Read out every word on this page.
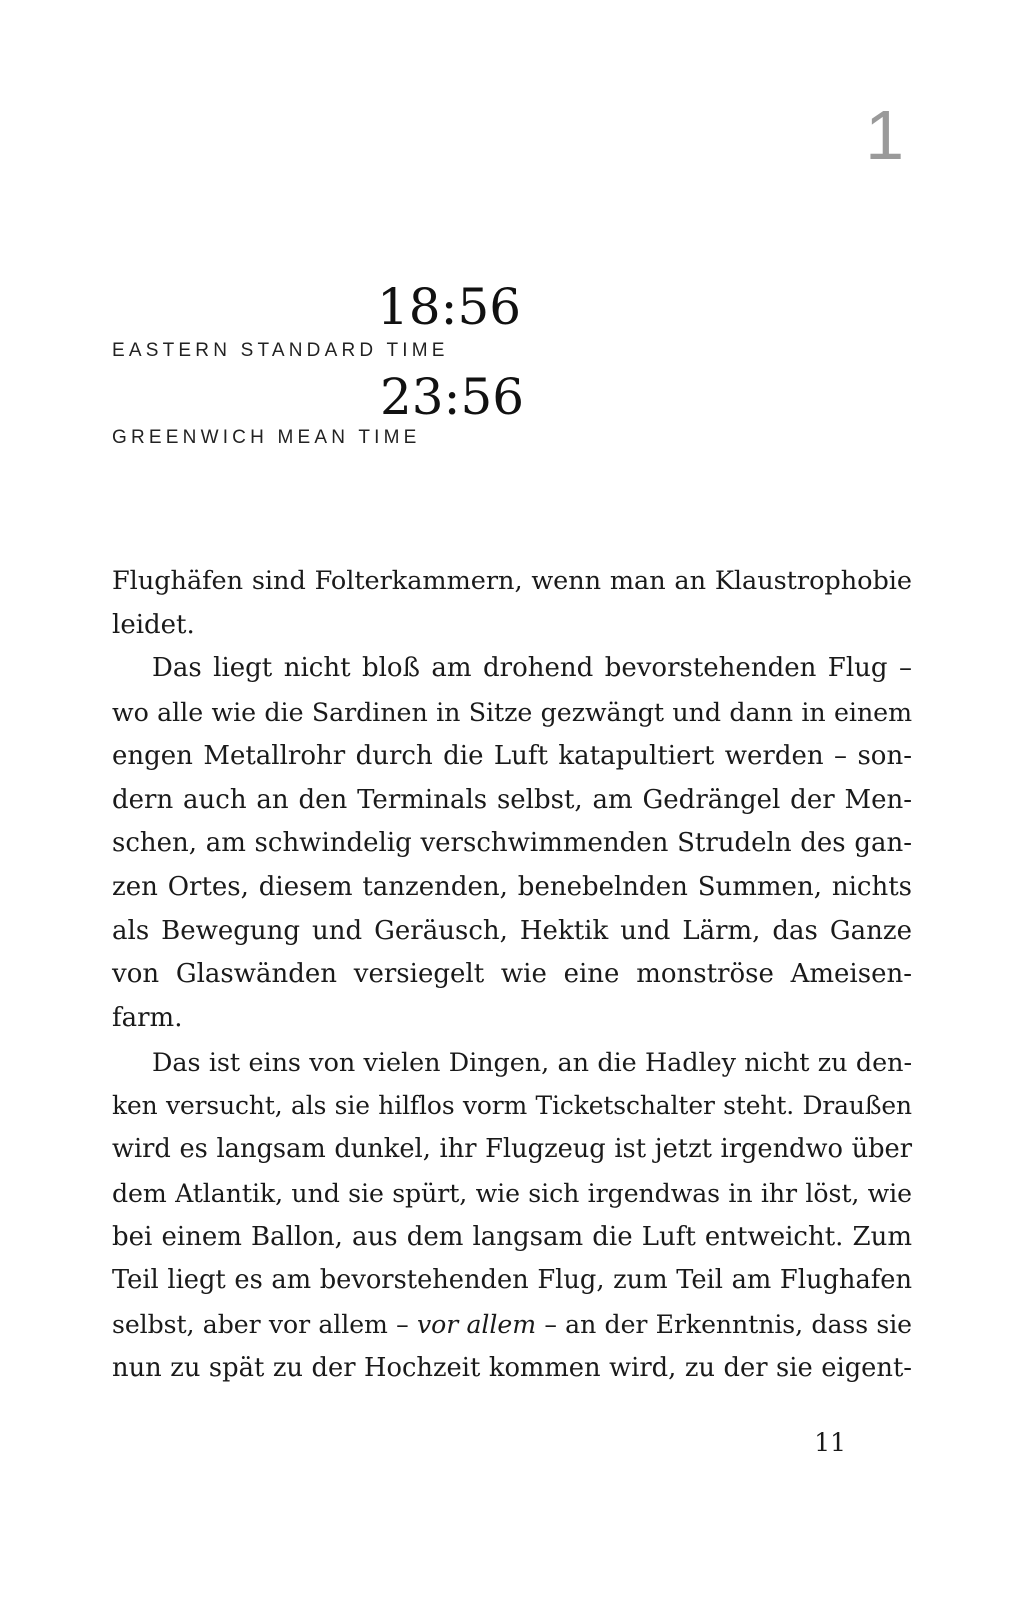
1
18:56
EASTERN STANDARD TIME
23:56
GREENWICH MEAN TIME
Flughäfen sind Folterkammern, wenn man an Klaustrophobie
leidet.
Das liegt nicht bloß am drohend bevorstehenden Flug –
wo alle wie die Sardinen in Sitze gezwängt und dann in einem
engen Metallrohr durch die Luft katapultiert werden – son-
dern auch an den Terminals selbst, am Gedrängel der Men-
schen, am schwindelig verschwimmenden Strudeln des gan-
zen Ortes, diesem tanzenden, benebelnden Summen, nichts
als Bewegung und Geräusch, Hektik und Lärm, das Ganze
von Glaswänden versiegelt wie eine monströse Ameisen-
farm.
Das ist eins von vielen Dingen, an die Hadley nicht zu den-
ken versucht, als sie hilflos vorm Ticketschalter steht. Draußen
wird es langsam dunkel, ihr Flugzeug ist jetzt irgendwo über
dem Atlantik, und sie spürt, wie sich irgendwas in ihr löst, wie
bei einem Ballon, aus dem langsam die Luft entweicht. Zum
Teil liegt es am bevorstehenden Flug, zum Teil am Flughafen
selbst, aber vor allem – vor allem – an der Erkenntnis, dass sie
nun zu spät zu der Hochzeit kommen wird, zu der sie eigent-
11
